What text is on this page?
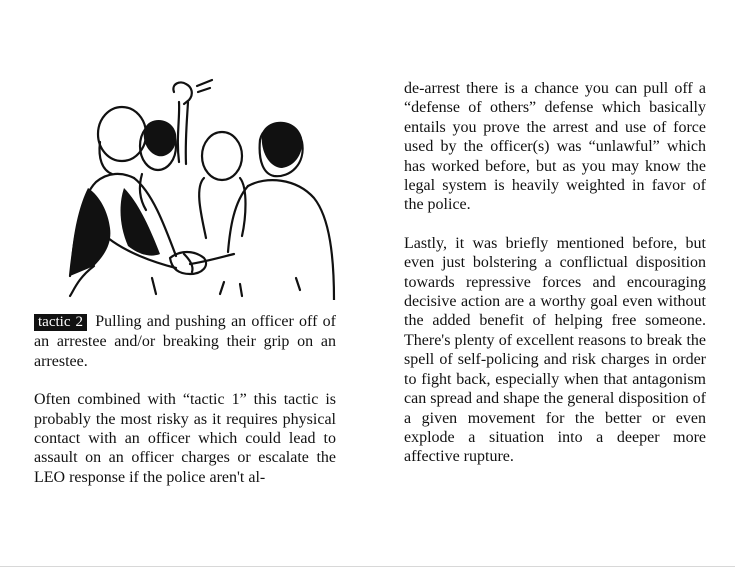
tactic 2 Pulling and pushing an officer off of an arrestee and/or breaking their grip on an arrestee.

Often combined with “tactic 1” this tactic is probably the most risky as it requires physical contact with an officer which could lead to assault on an officer charges or escalate the LEO response if the police aren't al-

de-arrest there is a chance you can pull off a “defense of others” defense which basically entails you prove the arrest and use of force used by the officer(s) was “unlawful” which has worked before, but as you may know the legal system is heavily weighted in favor of the police.

Lastly, it was briefly mentioned before, but even just bolstering a conflictual disposition towards repressive forces and encouraging decisive action are a worthy goal even without the added benefit of helping free someone. There's plenty of excellent reasons to break the spell of self-policing and risk charges in order to fight back, especially when that antagonism can spread and shape the general disposition of a given movement for the better or even explode a situation into a deeper more affective rupture.
